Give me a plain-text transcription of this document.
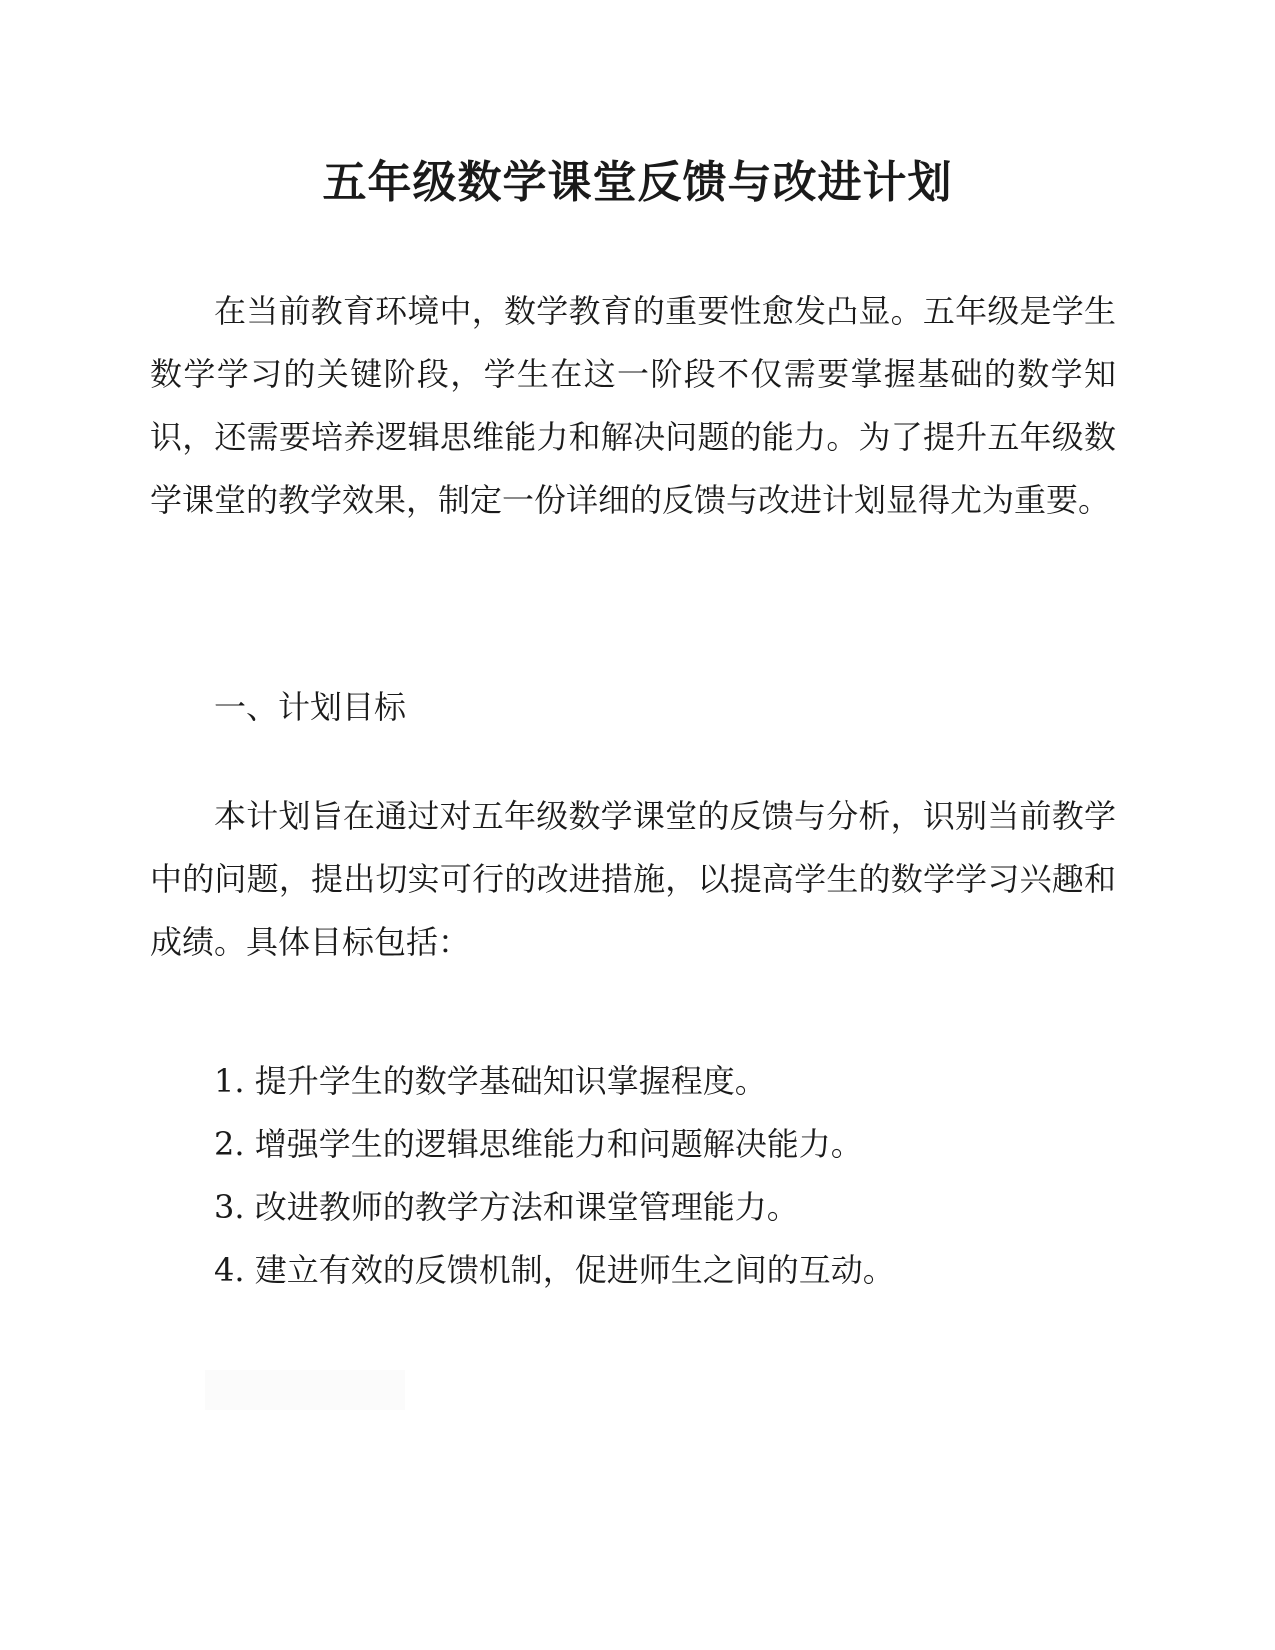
五年级数学课堂反馈与改进计划

在当前教育环境中，数学教育的重要性愈发凸显。五年级是学生数学学习的关键阶段，学生在这一阶段不仅需要掌握基础的数学知识，还需要培养逻辑思维能力和解决问题的能力。为了提升五年级数学课堂的教学效果，制定一份详细的反馈与改进计划显得尤为重要。

一、计划目标

本计划旨在通过对五年级数学课堂的反馈与分析，识别当前教学中的问题，提出切实可行的改进措施，以提高学生的数学学习兴趣和成绩。具体目标包括：

1. 提升学生的数学基础知识掌握程度。
2. 增强学生的逻辑思维能力和问题解决能力。
3. 改进教师的教学方法和课堂管理能力。
4. 建立有效的反馈机制，促进师生之间的互动。
